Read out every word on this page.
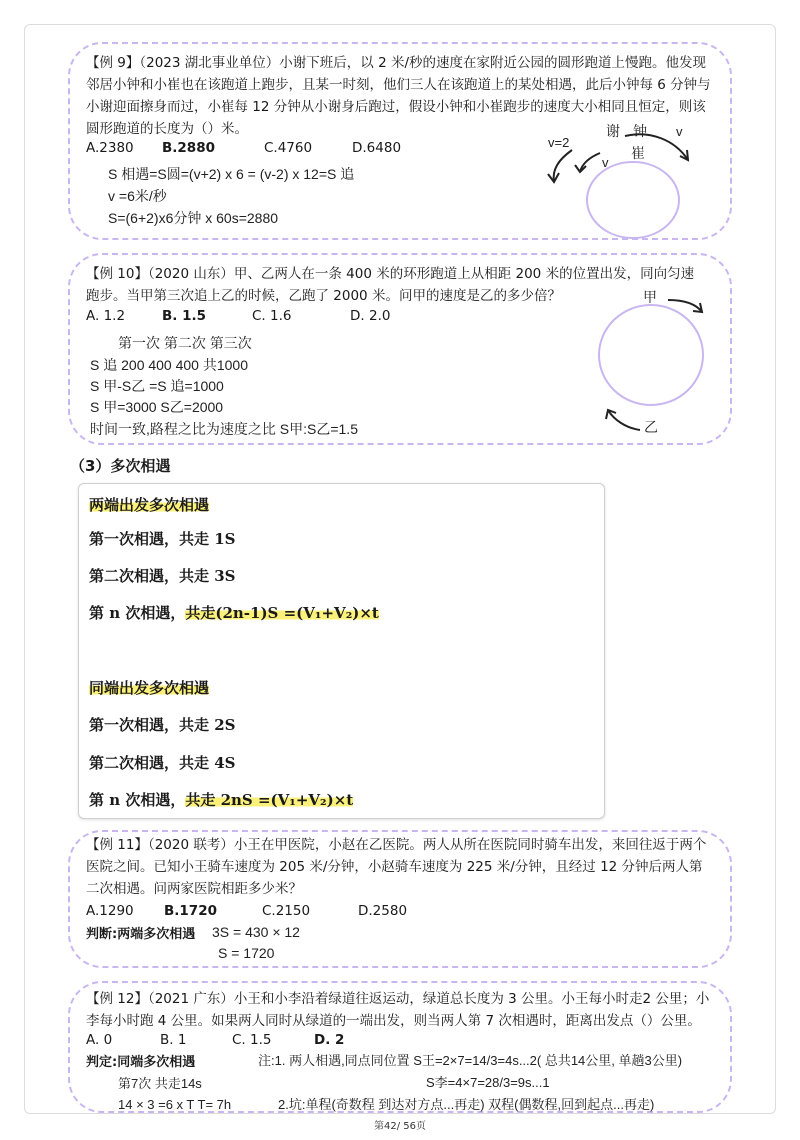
【例 9】（2023 湖北事业单位）小谢下班后，以 2 米/秒的速度在家附近公园的圆形跑道上慢跑。他发现邻居小钟和小崔也在该跑道上跑步，且某一时刻，他们三人在该跑道上的某处相遇，此后小钟每 6 分钟与小谢迎面擦身而过，小崔每 12 分钟从小谢身后跑过，假设小钟和小崔跑步的速度大小相同且恒定，则该圆形跑道的长度为（）米。
A.2380 B.2880	C.4760	D.6480
S 相遇=S圆=(v+2) x 6 = (v-2) x 12=S 追
v =6米/秒
S=(6+2)x6分钟 x 60s=2880
v=2
谢 钟
崔
v
v
【例 10】（2020 山东）甲、乙两人在一条 400 米的环形跑道上从相距 200 米的位置出发，同向匀速跑步。当甲第三次追上乙的时候，乙跑了 2000 米。问甲的速度是乙的多少倍？
A. 1.2	B. 1.5	C. 1.6	D. 2.0
第一次 第二次 第三次
S 追 200 400 400 共1000
S 甲-S乙 =S 追=1000
S 甲=3000 S乙=2000
时间一致,路程之比为速度之比 S甲:S乙=1.5
甲
乙
（3）多次相遇
两端出发多次相遇
第一次相遇，共走 1S
第二次相遇，共走 3S
第 n 次相遇，共走(2n-1)S =(V₁+V₂)×t
同端出发多次相遇
第一次相遇，共走 2S
第二次相遇，共走 4S
第 n 次相遇，共走 2nS =(V₁+V₂)×t
【例 11】（2020 联考）小王在甲医院，小赵在乙医院。两人从所在医院同时骑车出发，来回往返于两个医院之间。已知小王骑车速度为 205 米/分钟，小赵骑车速度为 225 米/分钟，且经过 12 分钟后两人第二次相遇。问两家医院相距多少米？
A.1290 B.1720	C.2150	D.2580
判断:两端多次相遇 3S = 430 × 12
S = 1720
【例 12】（2021 广东）小王和小李沿着绿道往返运动，绿道总长度为 3 公里。小王每小时走2 公里；小李每小时跑 4 公里。如果两人同时从绿道的一端出发，则当两人第 7 次相遇时，距离出发点（）公里。
A. 0	B. 1	C. 1.5	D. 2
判定:同端多次相遇
第7次 共走14s
14 × 3 =6 x T T= 7h
注:1. 两人相遇,同点同位置 S王=2×7=14/3=4s...2( 总共14公里, 单趟3公里)
S李=4×7=28/3=9s...1
2.坑:单程(奇数程 到达对方点...再走) 双程(偶数程,回到起点...再走)
第42/ 56页
